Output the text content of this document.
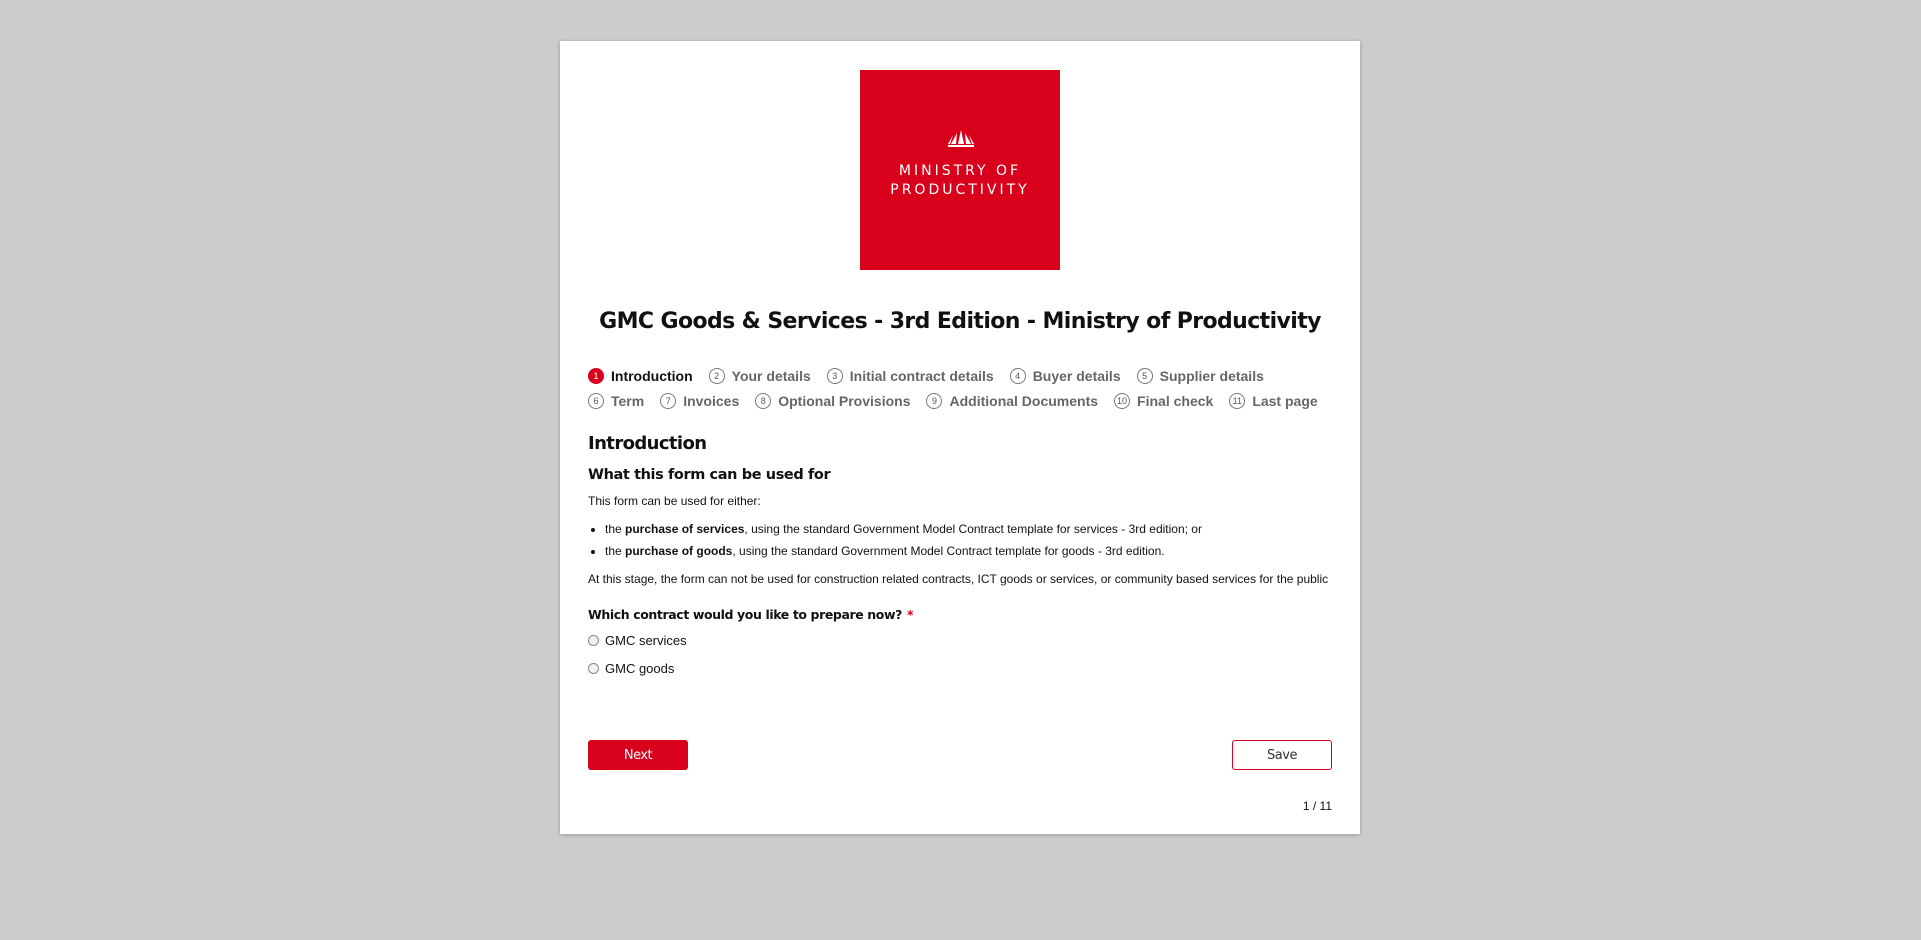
MINISTRY OF
PRODUCTIVITY
GMC Goods & Services - 3rd Edition - Ministry of Productivity
1 Introduction	2 Your details	3 Initial contract details	4 Buyer details	5 Supplier details
6 Term	7 Invoices	8 Optional Provisions	9 Additional Documents	10 Final check	11 Last page
Introduction
What this form can be used for
This form can be used for either:
• the purchase of services, using the standard Government Model Contract template for services - 3rd edition; or
• the purchase of goods, using the standard Government Model Contract template for goods - 3rd edition.
At this stage, the form can not be used for construction related contracts, ICT goods or services, or community based services for the public
Which contract would you like to prepare now? *
GMC services
GMC goods
Next	Save
1 / 11
